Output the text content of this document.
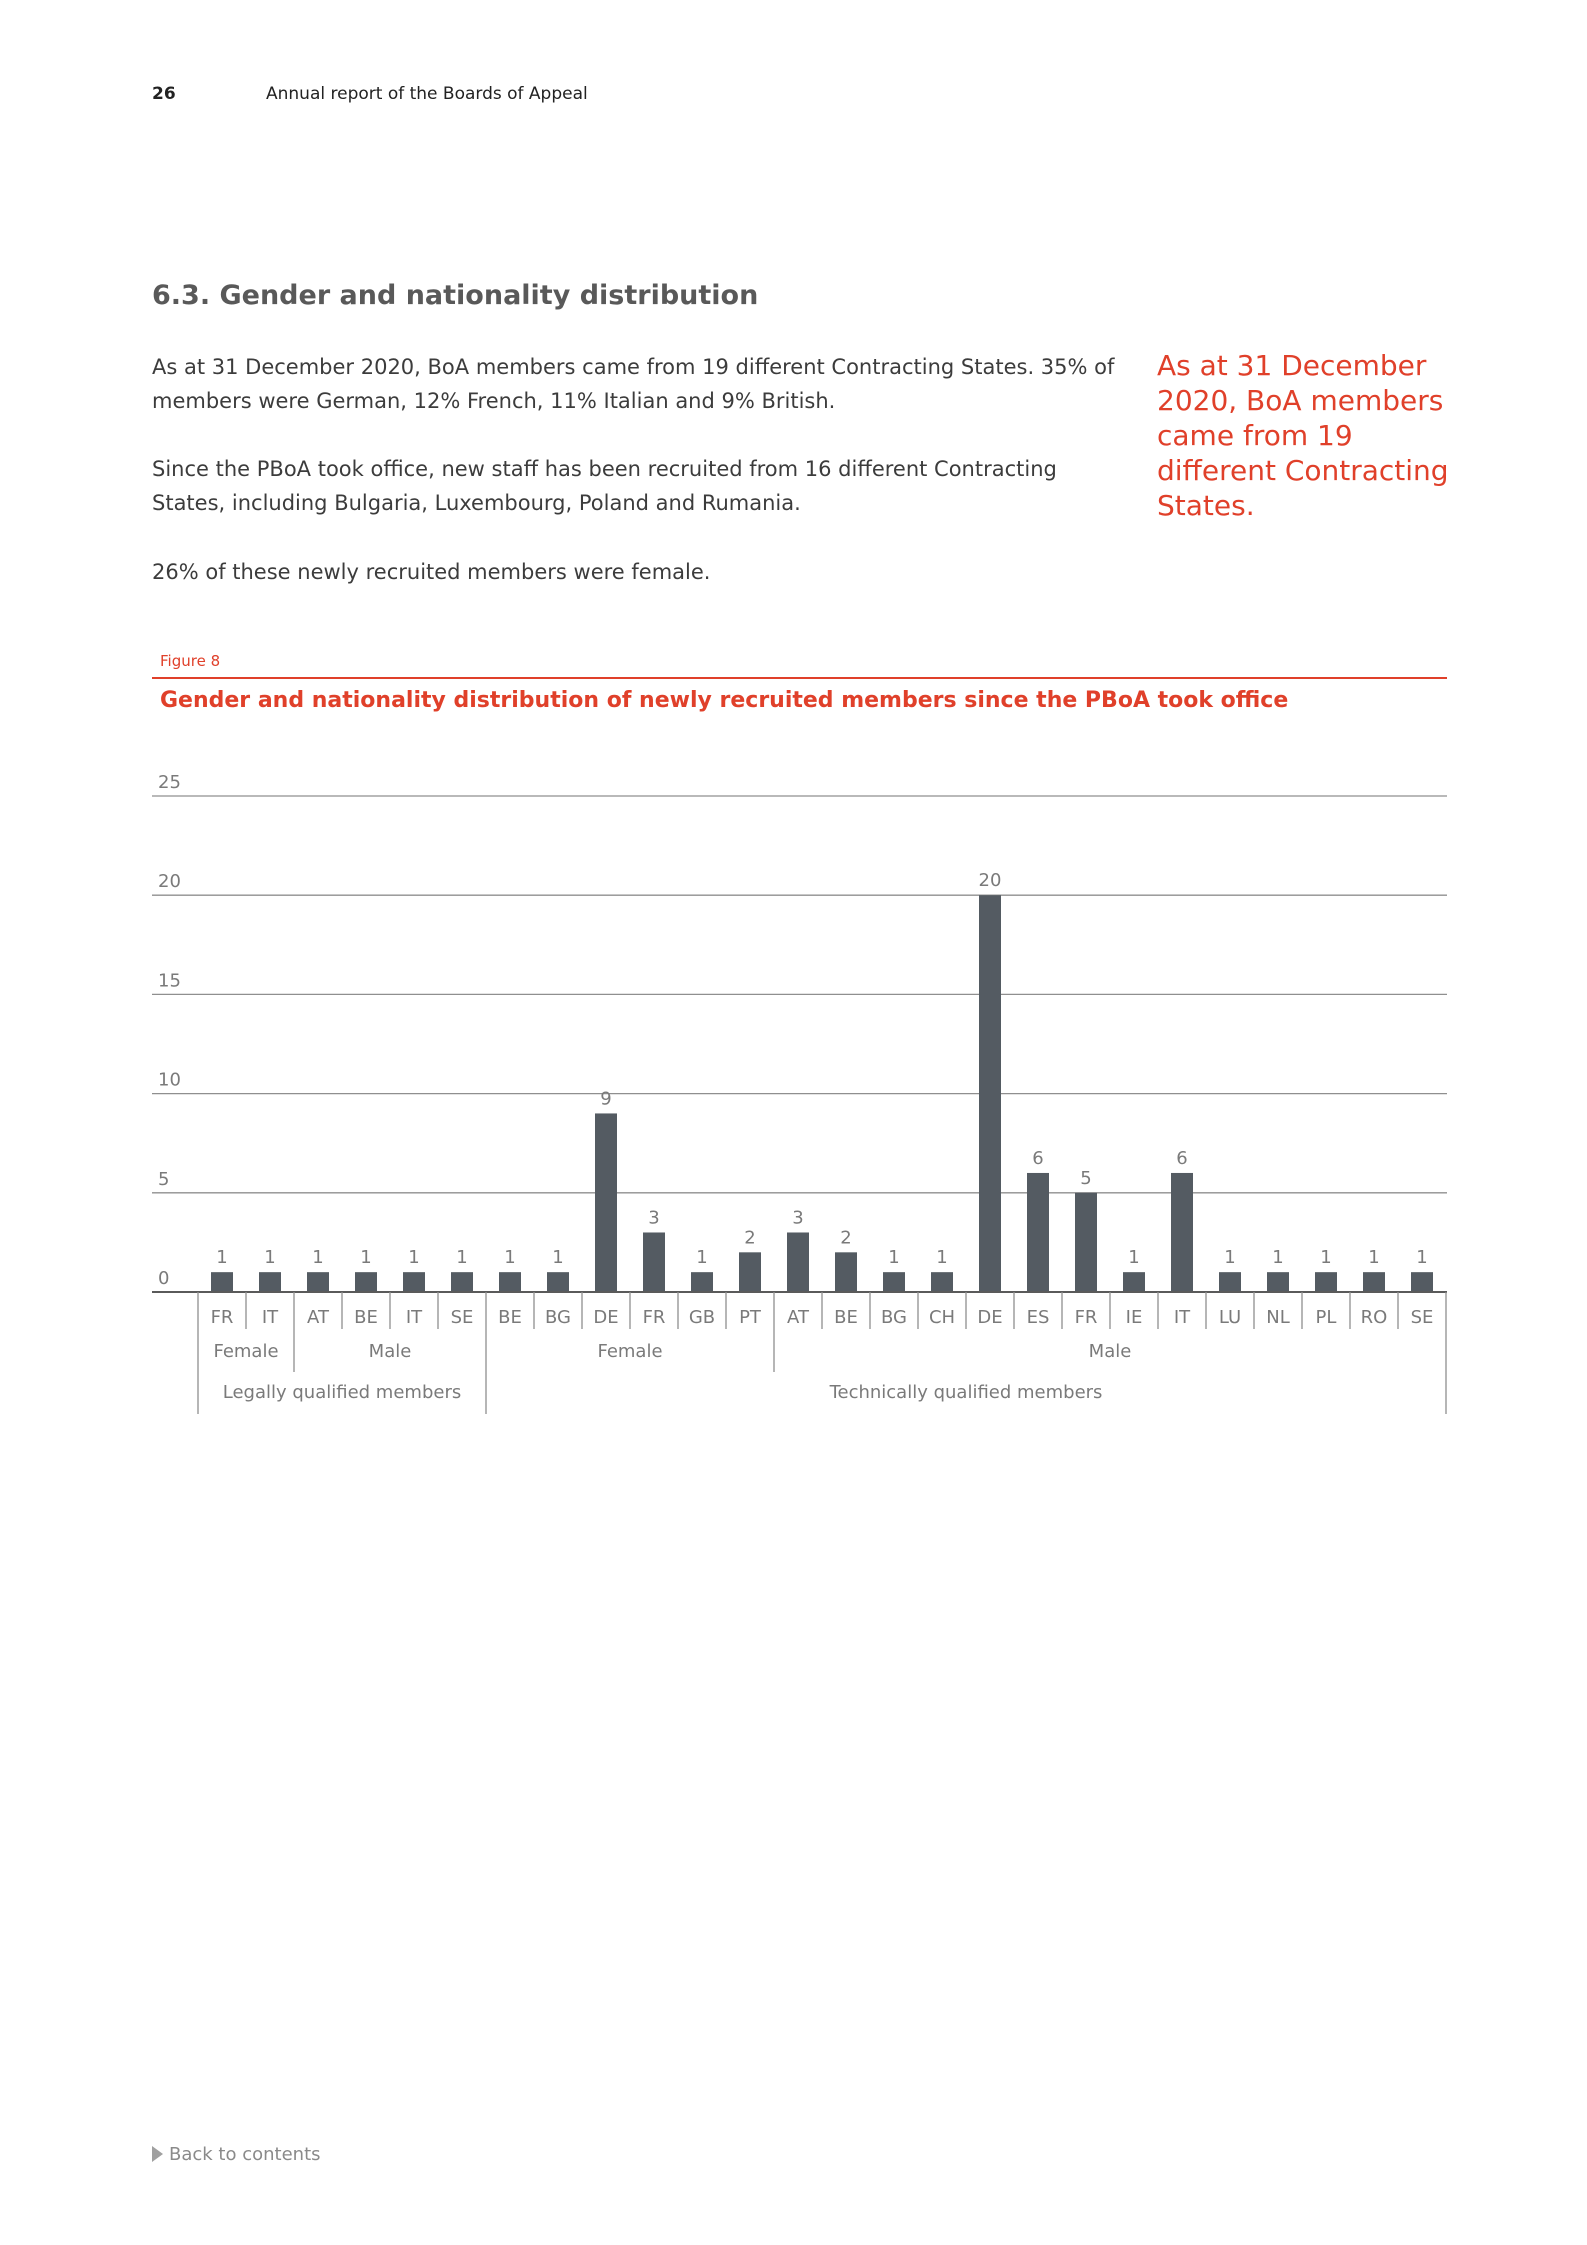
26	Annual report of the Boards of Appeal
6.3. Gender and nationality distribution

As at 31 December 2020, BoA members came from 19 different Contracting States. 35% of members were German, 12% French, 11% Italian and 9% British.

Since the PBoA took office, new staff has been recruited from 16 different Contracting States, including Bulgaria, Luxembourg, Poland and Rumania.

26% of these newly recruited members were female.

As at 31 December 2020, BoA members came from 19 different Contracting States.

Figure 8
Gender and nationality distribution of newly recruited members since the PBoA took office
0
5
10
15
20
25
1 1 1 1 1 1 1 1
9
3
1
2
3
2
1 1
20
6
5
1
6
1 1 1 1 1
FR IT AT BE IT SE BE BG DE FR GB PT AT BE BG CH DE ES FR IE IT LU NL PL RO SE
Female	Male	Female	Male
Legally qualified members	Technically qualified members
Back to contents
